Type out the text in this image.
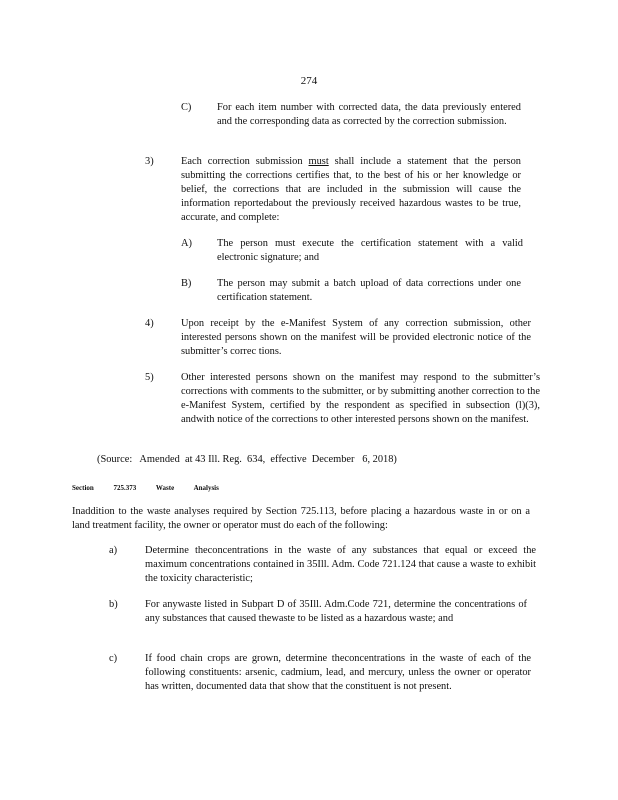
274
C) For each item number with corrected data, the data previously entered and the corresponding data as corrected by the correction submission.
3)	Each correction submission must shall include a statement that the person submitting the corrections certifies that, to the best of his or her knowledge or belief, the corrections that are included in the submission will cause the information reportedabout the previously received hazardous wastes to be true, accurate, and complete:
A) The person must execute the certification statement with a valid electronic signature; and
B) The person may submit a batch upload of data corrections under one certification statement.
4)	Upon receipt by the e-Manifest System of any correction submission, other interested persons shown on the manifest will be provided electronic notice of the submitter’s correc tions.
5)	Other interested persons shown on the manifest may respond to the submitter’s corrections with comments to the submitter, or by submitting another correction to the e-Manifest System, certified by the respondent as specified in subsection (l)(3), andwith notice of the corrections to other interested persons shown on the manifest.
(Source:   Amended  at 43 Ill. Reg.  634,  effective  December   6, 2018)
Section	725.373	Waste	Analysis
Inaddition to the waste analyses required by Section 725.113, before placing a hazardous waste in or on a land treatment facility, the owner or operator must do each of the following:
a)	Determine theconcentrations in the waste of any substances that equal or exceed the maximum concentrations contained in 35Ill. Adm. Code 721.124 that cause a waste to exhibit the toxicity characteristic;
b)	For anywaste listed in Subpart D of 35Ill. Adm.Code 721, determine the concentrations of any substances that caused thewaste to be listed as a hazardous waste; and
c)	If food chain crops are grown, determine theconcentrations in the waste of each of the following constituents: arsenic, cadmium, lead, and mercury, unless the owner or operator has written, documented data that show that the constituent is not present.
